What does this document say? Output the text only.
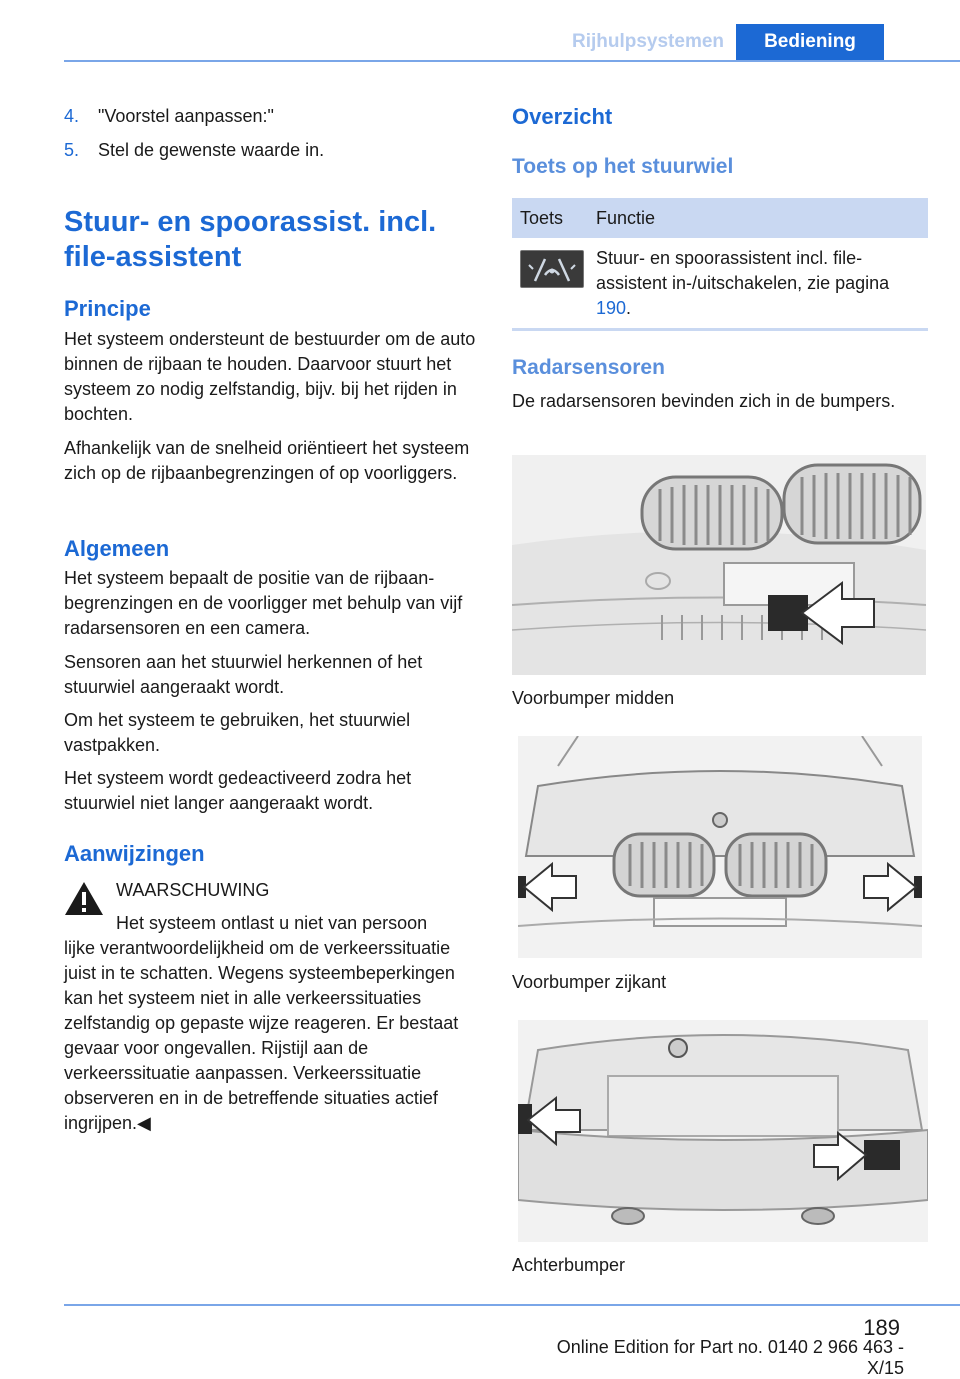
Rijhulpsystemen	Bediening
4. "Voorstel aanpassen:"
5. Stel de gewenste waarde in.
Stuur- en spoorassist. incl. file-assistent
Principe
Het systeem ondersteunt de bestuurder om de auto binnen de rijbaan te houden. Daarvoor stuurt het systeem zo nodig zelfstandig, bijv. bij het rijden in bochten.
Afhankelijk van de snelheid oriëntieert het systeem zich op de rijbaanbegrenzingen of op voorliggers.
Algemeen
Het systeem bepaalt de positie van de rijbaanbegrenzingen en de voorligger met behulp van vijf radarsensoren en een camera.
Sensoren aan het stuurwiel herkennen of het stuurwiel aangeraakt wordt.
Om het systeem te gebruiken, het stuurwiel vastpakken.
Het systeem wordt gedeactiveerd zodra het stuurwiel niet langer aangeraakt wordt.
Aanwijzingen
WAARSCHUWING
Het systeem ontlast u niet van persoon
lijke verantwoordelijkheid om de verkeerssituatie juist in te schatten. Wegens systeembeperkingen kan het systeem niet in alle verkeerssituaties zelfstandig op gepaste wijze reageren. Er bestaat gevaar voor ongevallen. Rijstijl aan de verkeerssituatie aanpassen. Verkeerssituatie observeren en in de betreffende situaties actief ingrijpen.◀
Overzicht
Toets op het stuurwiel
Toets	Functie
Stuur- en spoorassistent incl. file-assistent in-/uitschakelen, zie pagina 190.
Radarsensoren
De radarsensoren bevinden zich in de bumpers.
Voorbumper midden
Voorbumper zijkant
Achterbumper
189
Online Edition for Part no. 0140 2 966 463 - X/15
